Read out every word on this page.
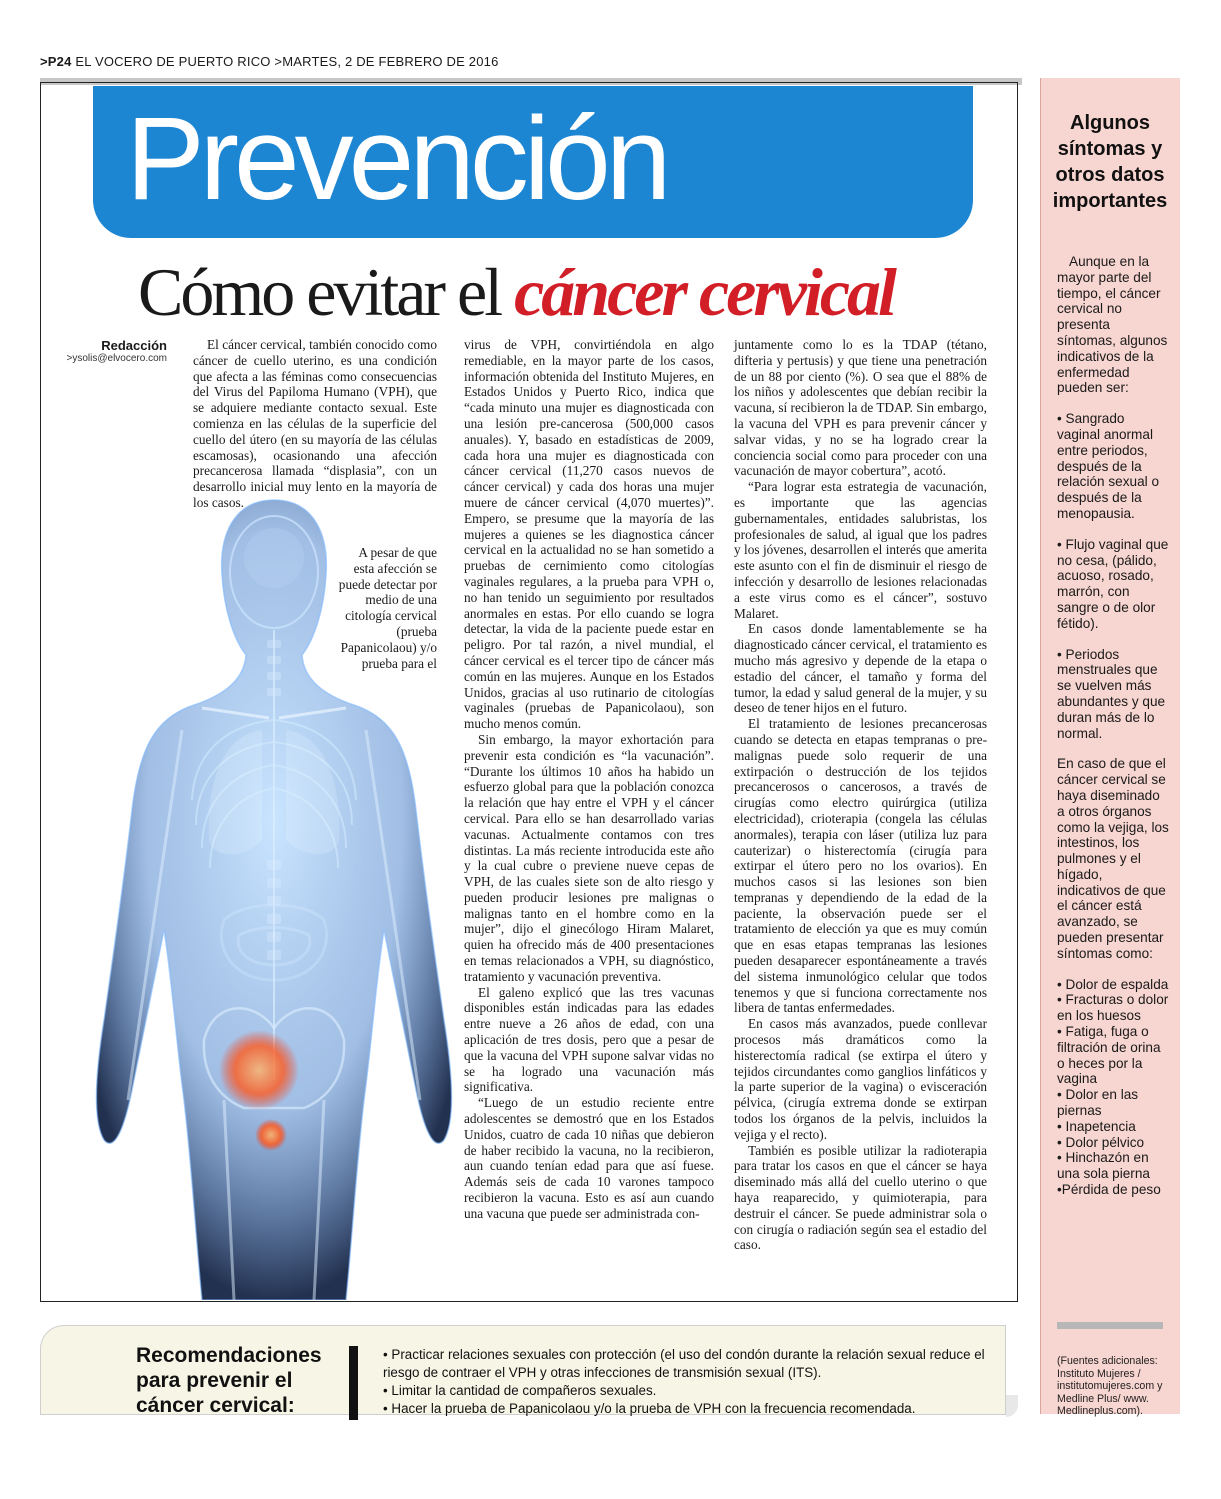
>P24 EL VOCERO DE PUERTO RICO >MARTES, 2 DE FEBRERO DE 2016
Prevención
Cómo evitar el cáncer cervical
Redacción
>ysolis@elvocero.com

El cáncer cervical, también conocido como cáncer de cuello uterino, es una condición que afecta a las féminas como consecuencias del Virus del Papiloma Humano (VPH), que se adquiere mediante contacto sexual. Este comienza en las células de la superficie del cuello del útero (en su mayoría de las células escamosas), ocasionando una afección precancerosa llamada “displasia”, con un desarrollo inicial muy lento en la mayoría de los casos.

A pesar de que esta afección se puede detectar por medio de una citología cervical (prueba Papanicolaou) y/o prueba para el

virus de VPH, convirtiéndola en algo remediable, en la mayor parte de los casos, información obtenida del Instituto Mujeres, en Estados Unidos y Puerto Rico, indica que “cada minuto una mujer es diagnosticada con una lesión pre-cancerosa (500,000 casos anuales). Y, basado en estadísticas de 2009, cada hora una mujer es diagnosticada con cáncer cervical (11,270 casos nuevos de cáncer cervical) y cada dos horas una mujer muere de cáncer cervical (4,070 muertes)”. Empero, se presume que la mayoría de las mujeres a quienes se les diagnostica cáncer cervical en la actualidad no se han sometido a pruebas de cernimiento como citologías vaginales regulares, a la prueba para VPH o, no han tenido un seguimiento por resultados anormales en estas. Por ello cuando se logra detectar, la vida de la paciente puede estar en peligro. Por tal razón, a nivel mundial, el cáncer cervical es el tercer tipo de cáncer más común en las mujeres. Aunque en los Estados Unidos, gracias al uso rutinario de citologías vaginales (pruebas de Papanicolaou), son mucho menos común.

Sin embargo, la mayor exhortación para prevenir esta condición es “la vacunación”. “Durante los últimos 10 años ha habido un esfuerzo global para que la población conozca la relación que hay entre el VPH y el cáncer cervical. Para ello se han desarrollado varias vacunas. Actualmente contamos con tres distintas. La más reciente introducida este año y la cual cubre o previene nueve cepas de VPH, de las cuales siete son de alto riesgo y pueden producir lesiones pre malignas o malignas tanto en el hombre como en la mujer”, dijo el ginecólogo Hiram Malaret, quien ha ofrecido más de 400 presentaciones en temas relacionados a VPH, su diagnóstico, tratamiento y vacunación preventiva.

El galeno explicó que las tres vacunas disponibles están indicadas para las edades entre nueve a 26 años de edad, con una aplicación de tres dosis, pero que a pesar de que la vacuna del VPH supone salvar vidas no se ha logrado una vacunación más significativa.

“Luego de un estudio reciente entre adolescentes se demostró que en los Estados Unidos, cuatro de cada 10 niñas que debieron de haber recibido la vacuna, no la recibieron, aun cuando tenían edad para que así fuese. Además seis de cada 10 varones tampoco recibieron la vacuna. Esto es así aun cuando una vacuna que puede ser administrada con-

juntamente como lo es la TDAP (tétano, difteria y pertusis) y que tiene una penetración de un 88 por ciento (%). O sea que el 88% de los niños y adolescentes que debían recibir la vacuna, sí recibieron la de TDAP. Sin embargo, la vacuna del VPH es para prevenir cáncer y salvar vidas, y no se ha logrado crear la conciencia social como para proceder con una vacunación de mayor cobertura”, acotó.

“Para lograr esta estrategia de vacunación, es importante que las agencias gubernamentales, entidades salubristas, los profesionales de salud, al igual que los padres y los jóvenes, desarrollen el interés que amerita este asunto con el fin de disminuir el riesgo de infección y desarrollo de lesiones relacionadas a este virus como es el cáncer”, sostuvo Malaret.

En casos donde lamentablemente se ha diagnosticado cáncer cervical, el tratamiento es mucho más agresivo y depende de la etapa o estadio del cáncer, el tamaño y forma del tumor, la edad y salud general de la mujer, y su deseo de tener hijos en el futuro.

El tratamiento de lesiones precancerosas cuando se detecta en etapas tempranas o pre-malignas puede solo requerir de una extirpación o destrucción de los tejidos precancerosos o cancerosos, a través de cirugías como electro quirúrgica (utiliza electricidad), crioterapia (congela las células anormales), terapia con láser (utiliza luz para cauterizar) o histerectomía (cirugía para extirpar el útero pero no los ovarios). En muchos casos si las lesiones son bien tempranas y dependiendo de la edad de la paciente, la observación puede ser el tratamiento de elección ya que es muy común que en esas etapas tempranas las lesiones pueden desaparecer espontáneamente a través del sistema inmunológico celular que todos tenemos y que si funciona correctamente nos libera de tantas enfermedades.

En casos más avanzados, puede conllevar procesos más dramáticos como la histerectomía radical (se extirpa el útero y tejidos circundantes como ganglios linfáticos y la parte superior de la vagina) o evisceración pélvica, (cirugía extrema donde se extirpan todos los órganos de la pelvis, incluidos la vejiga y el recto).

También es posible utilizar la radioterapia para tratar los casos en que el cáncer se haya diseminado más allá del cuello uterino o que haya reaparecido, y quimioterapia, para destruir el cáncer. Se puede administrar sola o con cirugía o radiación según sea el estadio del caso.

Algunos síntomas y otros datos importantes

Aunque en la mayor parte del tiempo, el cáncer cervical no presenta síntomas, algunos indicativos de la enfermedad pueden ser:

• Sangrado vaginal anormal entre periodos, después de la relación sexual o después de la menopausia.

• Flujo vaginal que no cesa, (pálido, acuoso, rosado, marrón, con sangre o de olor fétido).

• Periodos menstruales que se vuelven más abundantes y que duran más de lo normal.

En caso de que el cáncer cervical se haya diseminado a otros órganos como la vejiga, los intestinos, los pulmones y el hígado, indicativos de que el cáncer está avanzado, se pueden presentar síntomas como:

• Dolor de espalda
• Fracturas o dolor en los huesos
• Fatiga, fuga o filtración de orina o heces por la vagina
• Dolor en las piernas
• Inapetencia
• Dolor pélvico
• Hinchazón en una sola pierna
•Pérdida de peso
(Fuentes adicionales: Instituto Mujeres / institutomujeres.com y Medline Plus/ www. Medlineplus.com).
Recomendaciones para prevenir el cáncer cervical:
• Practicar relaciones sexuales con protección (el uso del condón durante la relación sexual reduce el riesgo de contraer el VPH y otras infecciones de transmisión sexual (ITS).
• Limitar la cantidad de compañeros sexuales.
• Hacer la prueba de Papanicolaou y/o la prueba de VPH con la frecuencia recomendada.
